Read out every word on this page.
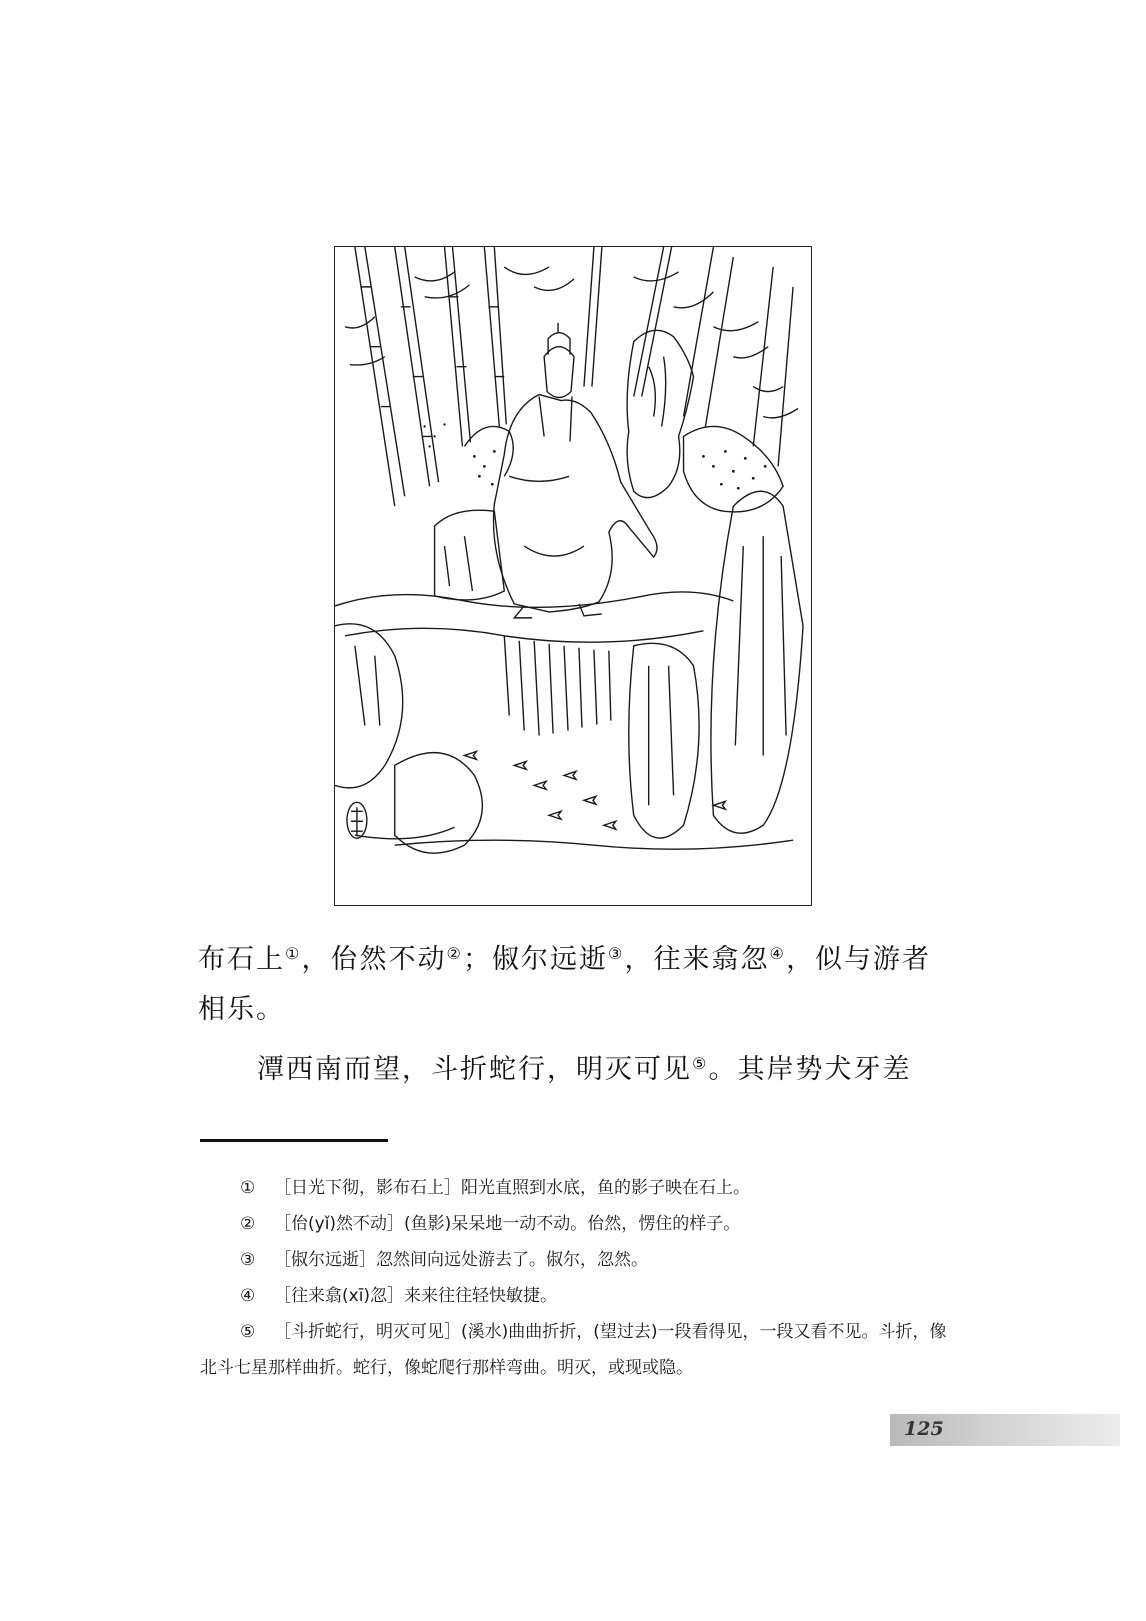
布石上①，佁然不动②；俶尔远逝③，往来翕忽④，似与游者
相乐。

潭西南而望，斗折蛇行，明灭可见⑤。其岸势犬牙差

① ［日光下彻，影布石上］阳光直照到水底，鱼的影子映在石上。

② ［佁(yǐ)然不动］(鱼影)呆呆地一动不动。佁然，愣住的样子。

③ ［俶尔远逝］忽然间向远处游去了。俶尔，忽然。

④ ［往来翕(xī)忽］来来往往轻快敏捷。

⑤ ［斗折蛇行，明灭可见］(溪水)曲曲折折，(望过去)一段看得见，一段又看不见。斗折，像北斗七星那样曲折。蛇行，像蛇爬行那样弯曲。明灭，或现或隐。

125
